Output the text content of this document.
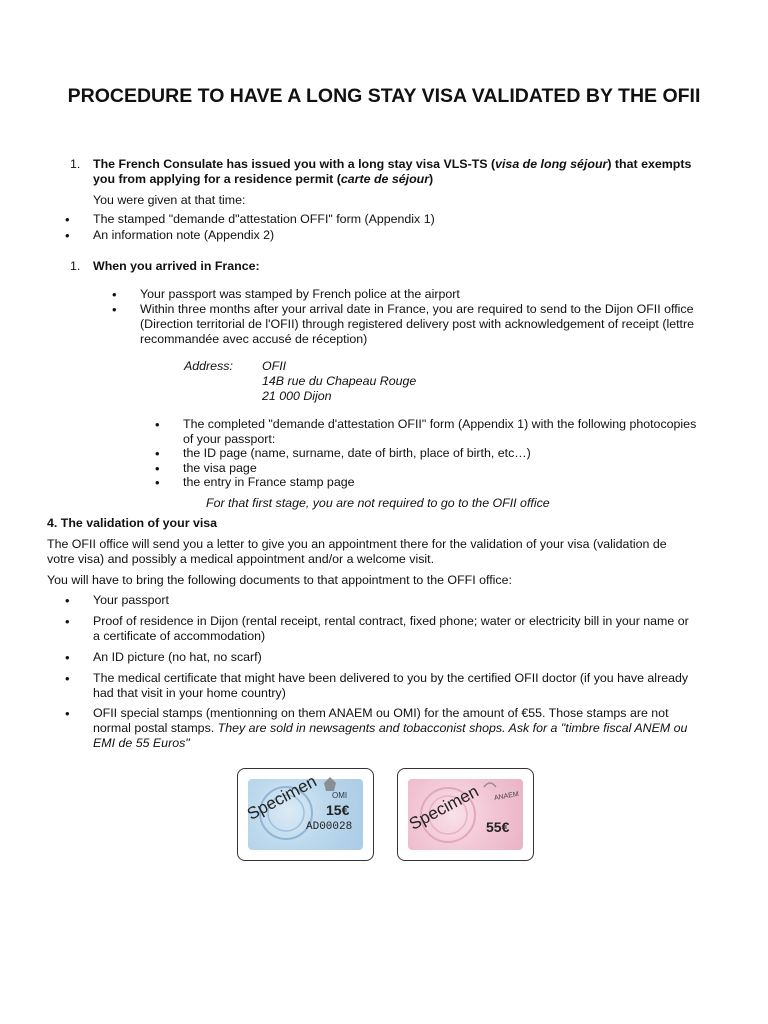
PROCEDURE TO HAVE A LONG STAY VISA VALIDATED BY THE OFII
1. The French Consulate has issued you with a long stay visa VLS-TS (visa de long séjour) that exempts
you from applying for a residence permit (carte de séjour)
You were given at that time:
• The stamped "demande d"attestation OFFI" form (Appendix 1)
• An information note (Appendix 2)
1. When you arrived in France:
• Your passport was stamped by French police at the airport
• Within three months after your arrival date in France, you are required to send to the Dijon OFII office
(Direction territorial de l'OFII) through registered delivery post with acknowledgement of receipt (lettre
recommandée avec accusé de réception)
Address: OFII
14B rue du Chapeau Rouge
21 000 Dijon
• The completed "demande d'attestation OFII" form (Appendix 1) with the following photocopies
of your passport:
• the ID page (name, surname, date of birth, place of birth, etc…)
• the visa page
• the entry in France stamp page
For that first stage, you are not required to go to the OFII office
4. The validation of your visa
The OFII office will send you a letter to give you an appointment there for the validation of your visa (validation de
votre visa) and possibly a medical appointment and/or a welcome visit.
You will have to bring the following documents to that appointment to the OFFI office:
• Your passport
• Proof of residence in Dijon (rental receipt, rental contract, fixed phone; water or electricity bill in your name or
a certificate of accommodation)
• An ID picture (no hat, no scarf)
• The medical certificate that might have been delivered to you by the certified OFII doctor (if you have already
had that visit in your home country)
• OFII special stamps (mentionning on them ANAEM ou OMI) for the amount of €55. Those stamps are not
normal postal stamps. They are sold in newsagents and tobacconist shops. Ask for a "timbre fiscal ANEM ou
EMI de 55 Euros"
OMI
15€
AD00028
Specimen	ANAEM
55€
Specimen
